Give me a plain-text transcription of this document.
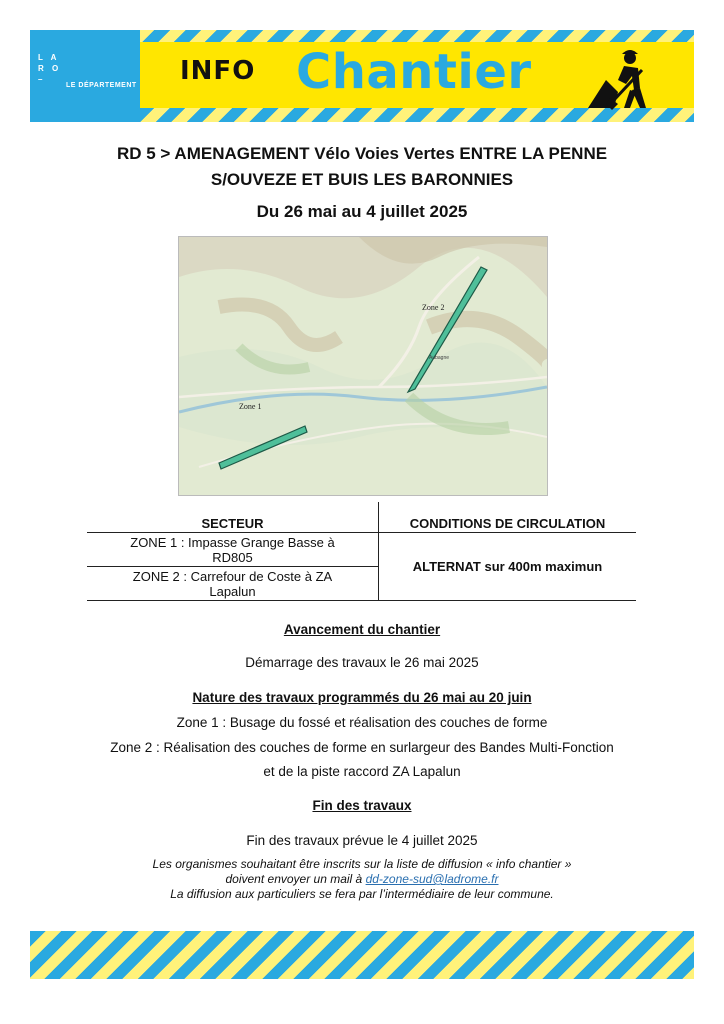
L A
R O
–
LE DÉPARTEMENT INFO Chantier
RD 5 > AMENAGEMENT Vélo Voies Vertes ENTRE LA PENNE
S/OUVEZE ET BUIS LES BARONNIES
Du 26 mai au 4 juillet 2025
Zone 2
Zone 1
Aubagne
SECTEUR	CONDITIONS DE CIRCULATION
ZONE 1 : Impasse Grange Basse à
RD805
ZONE 2 : Carrefour de Coste à ZA
Lapalun
ALTERNAT sur 400m maximun
Avancement du chantier
Démarrage des travaux le 26 mai 2025
Nature des travaux programmés du 26 mai au 20 juin
Zone 1 : Busage du fossé et réalisation des couches de forme
Zone 2 : Réalisation des couches de forme en surlargeur des Bandes Multi-Fonction
et de la piste raccord ZA Lapalun
Fin des travaux
Fin des travaux prévue le 4 juillet 2025
Les organismes souhaitant être inscrits sur la liste de diffusion « info chantier »
doivent envoyer un mail à dd-zone-sud@ladrome.fr
La diffusion aux particuliers se fera par l’intermédiaire de leur commune.
